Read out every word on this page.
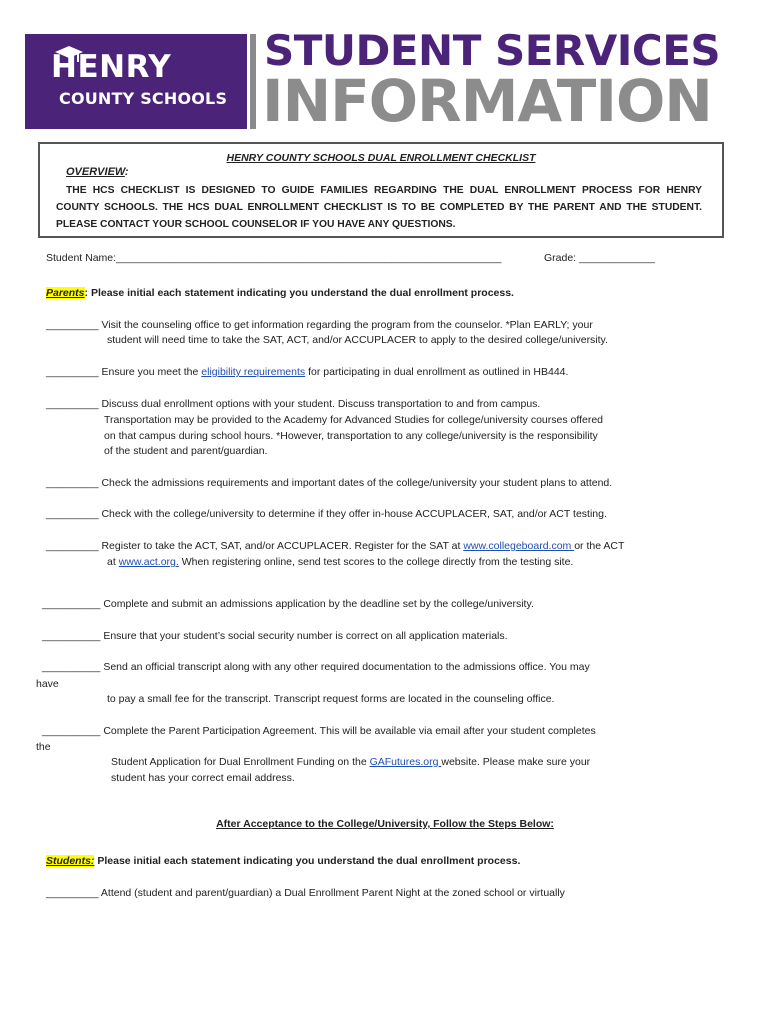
HENRY
COUNTY SCHOOLS
STUDENT SERVICES
INFORMATION
HENRY COUNTY SCHOOLS DUAL ENROLLMENT CHECKLIST
OVERVIEW:
THE HCS CHECKLIST IS DESIGNED TO GUIDE FAMILIES REGARDING THE DUAL ENROLLMENT PROCESS FOR HENRY COUNTY SCHOOLS. THE HCS DUAL ENROLLMENT CHECKLIST IS TO BE COMPLETED BY THE PARENT AND THE STUDENT. PLEASE CONTACT YOUR SCHOOL COUNSELOR IF YOU HAVE ANY QUESTIONS.
Student Name:__________________________________________________________________	Grade: _____________
Parents: Please initial each statement indicating you understand the dual enrollment process.
_________ Visit the counseling office to get information regarding the program from the counselor. *Plan EARLY; your
student will need time to take the SAT, ACT, and/or ACCUPLACER to apply to the desired college/university.
_________ Ensure you meet the eligibility requirements for participating in dual enrollment as outlined in HB444.
_________ Discuss dual enrollment options with your student. Discuss transportation to and from campus.
Transportation may be provided to the Academy for Advanced Studies for college/university courses offered
on that campus during school hours. *However, transportation to any college/university is the responsibility
of the student and parent/guardian.
_________ Check the admissions requirements and important dates of the college/university your student plans to attend.
_________ Check with the college/university to determine if they offer in-house ACCUPLACER, SAT, and/or ACT testing.
_________ Register to take the ACT, SAT, and/or ACCUPLACER. Register for the SAT at www.collegeboard.com or the ACT
at www.act.org. When registering online, send test scores to the college directly from the testing site.
__________ Complete and submit an admissions application by the deadline set by the college/university.
__________ Ensure that your student’s social security number is correct on all application materials.
__________ Send an official transcript along with any other required documentation to the admissions office. You may
have
to pay a small fee for the transcript. Transcript request forms are located in the counseling office.
__________ Complete the Parent Participation Agreement. This will be available via email after your student completes
the
Student Application for Dual Enrollment Funding on the GAFutures.org website. Please make sure your
student has your correct email address.
After Acceptance to the College/University, Follow the Steps Below:
Students: Please initial each statement indicating you understand the dual enrollment process.
_________ Attend (student and parent/guardian) a Dual Enrollment Parent Night at the zoned school or virtually
